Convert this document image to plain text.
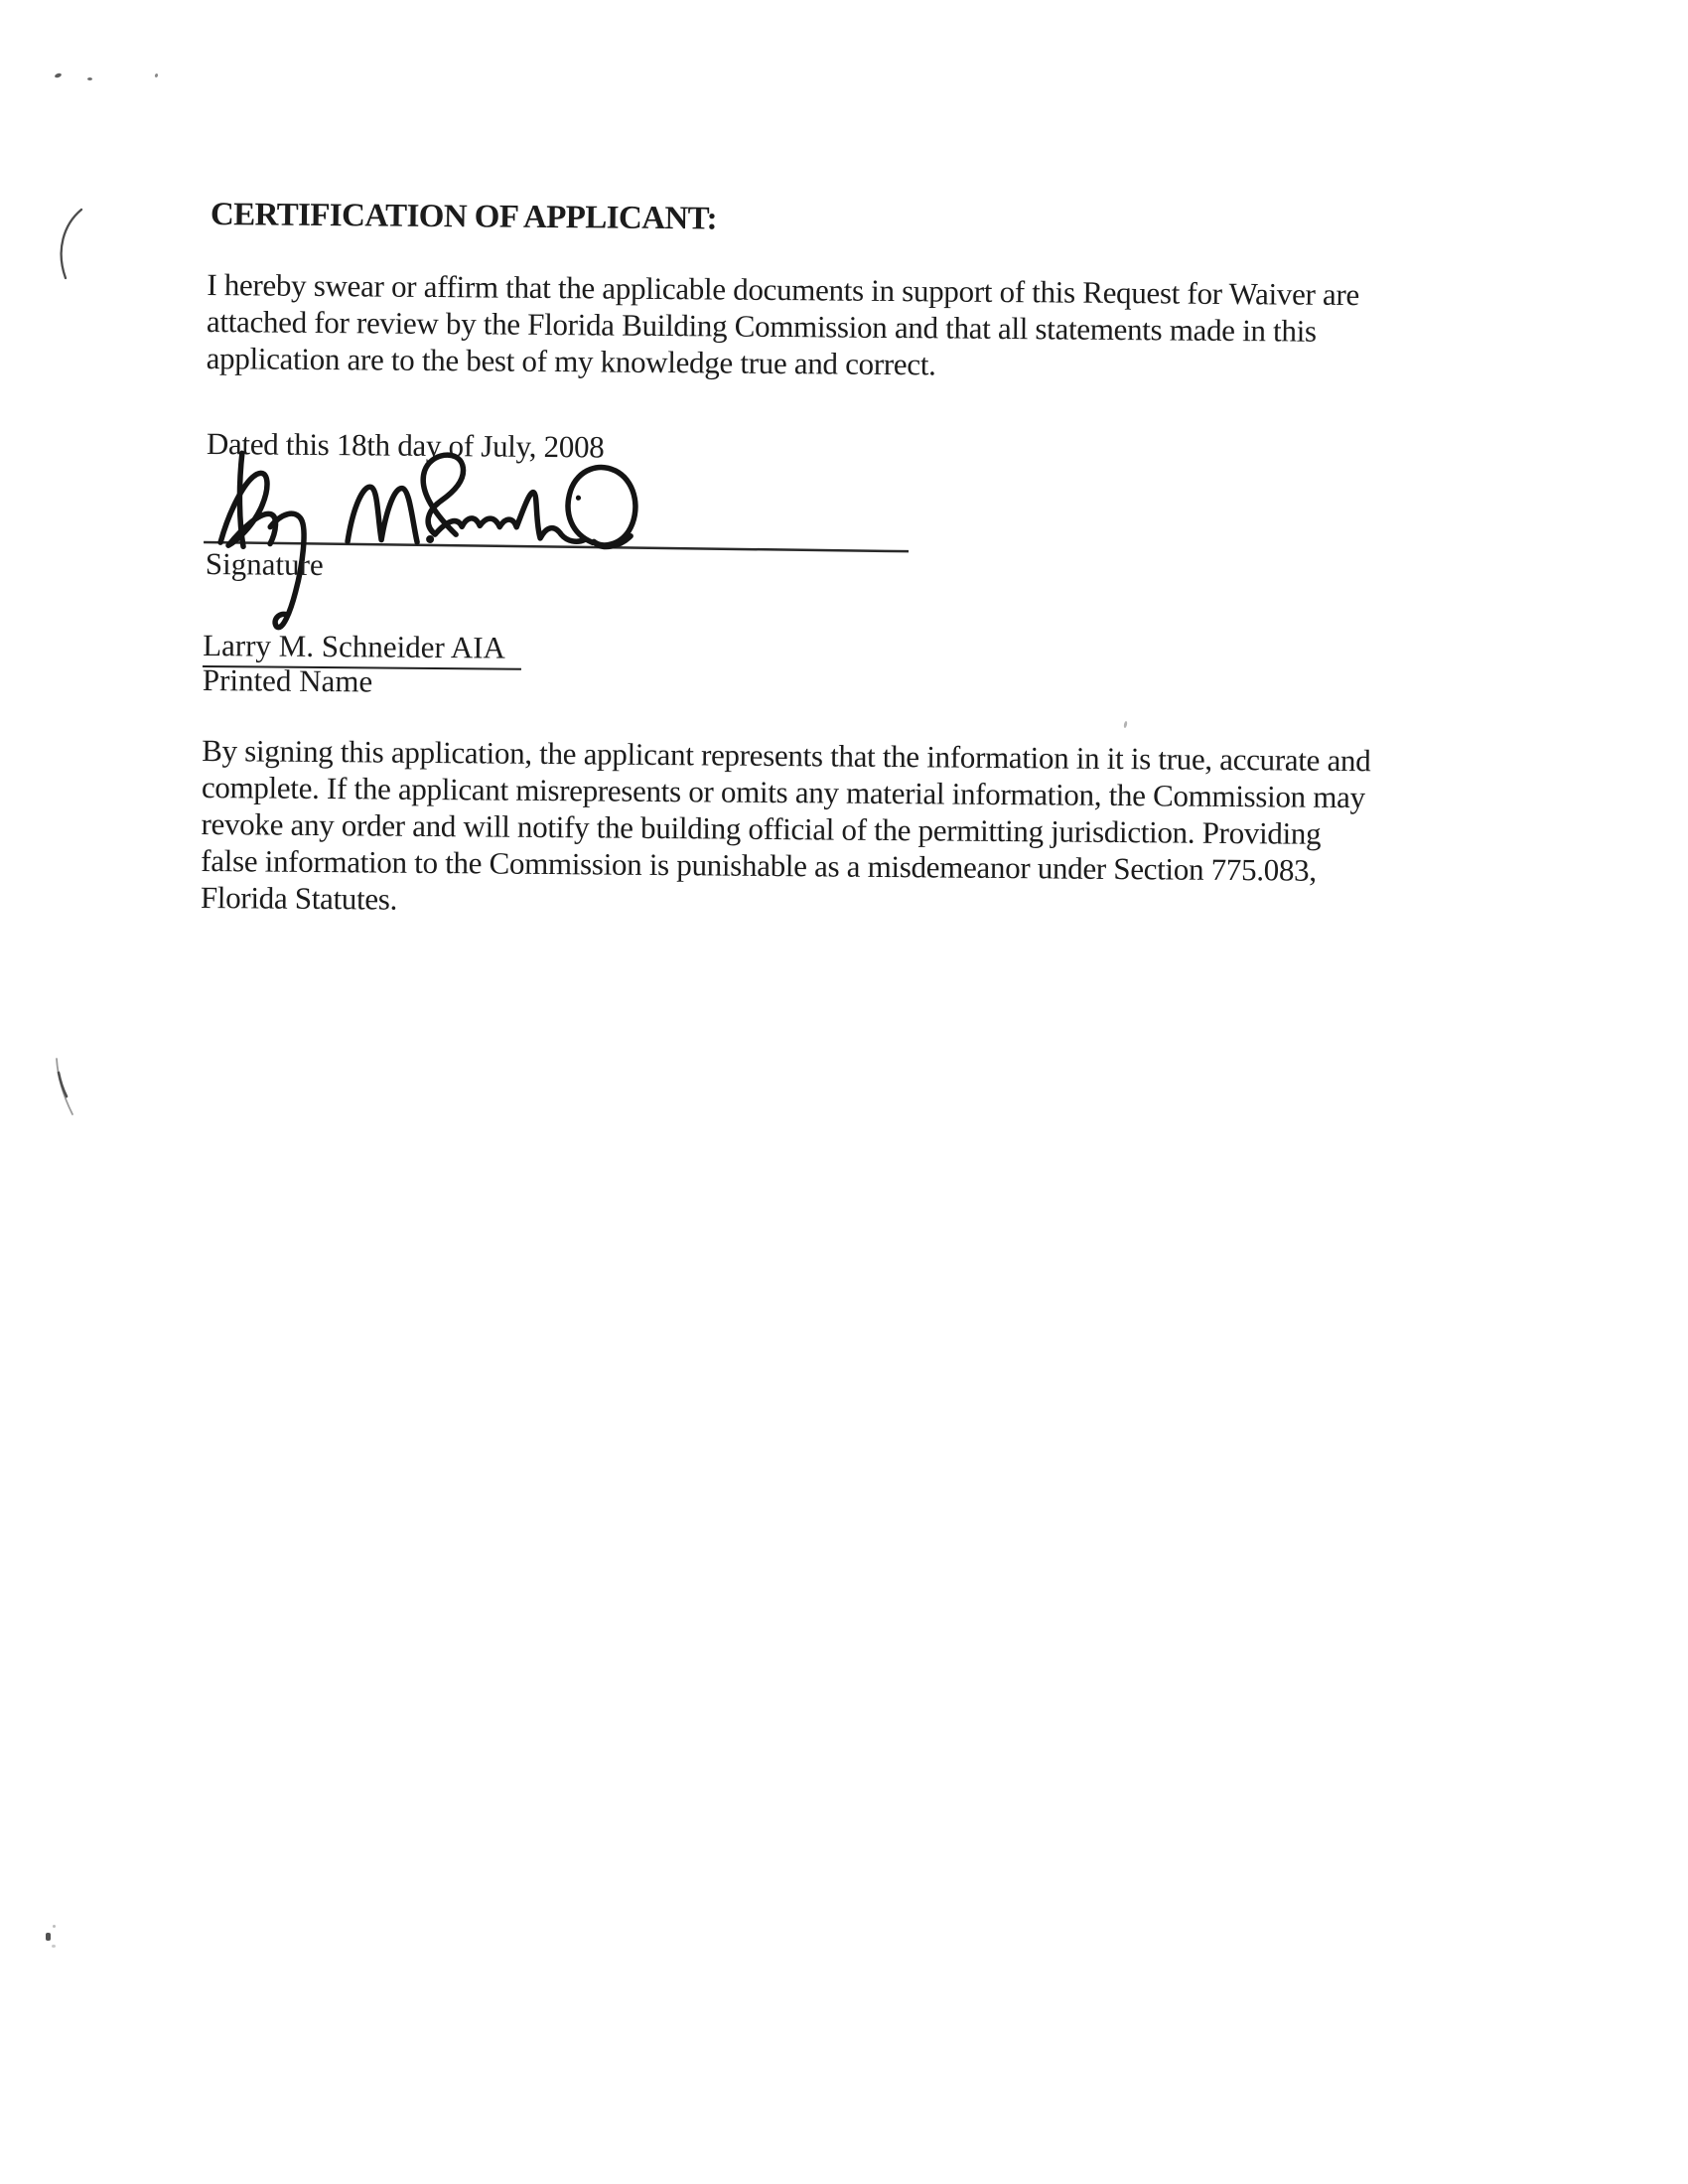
CERTIFICATION OF APPLICANT:
I hereby swear or affirm that the applicable documents in support of this Request for Waiver are
attached for review by the Florida Building Commission and that all statements made in this
application are to the best of my knowledge true and correct.
Dated this 18th day of July, 2008
Signature
Larry M. Schneider AIA
Printed Name
By signing this application, the applicant represents that the information in it is true, accurate and
complete. If the applicant misrepresents or omits any material information, the Commission may
revoke any order and will notify the building official of the permitting jurisdiction. Providing
false information to the Commission is punishable as a misdemeanor under Section 775.083,
Florida Statutes.
